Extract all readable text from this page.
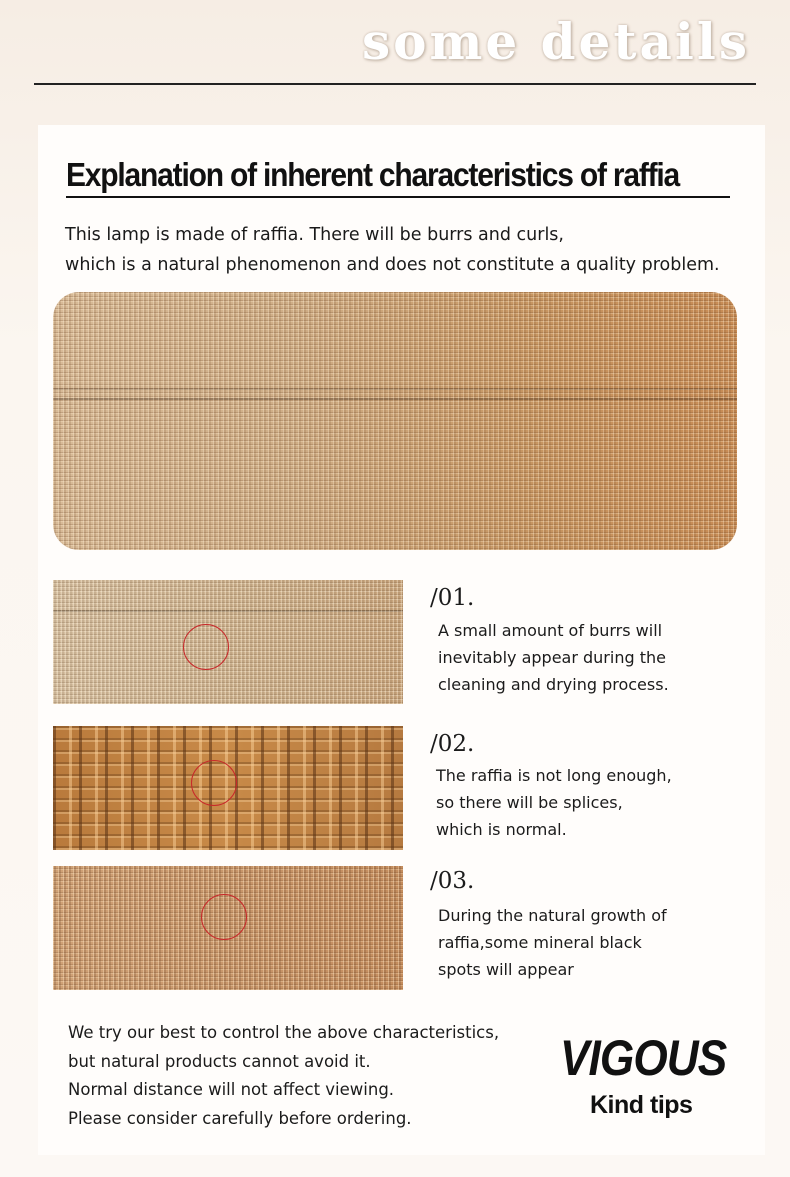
some details
Explanation of inherent characteristics of raffia
This lamp is made of raffia. There will be burrs and curls,
which is a natural phenomenon and does not constitute a quality problem.
/01.
A small amount of burrs will
inevitably appear during the
cleaning and drying process.
/02.
The raffia is not long enough,
so there will be splices,
which is normal.
/03.
During the natural growth of
raffia,some mineral black
spots will appear
We try our best to control the above characteristics,
but natural products cannot avoid it.
Normal distance will not affect viewing.
Please consider carefully before ordering.
VIGOUS
Kind tips
